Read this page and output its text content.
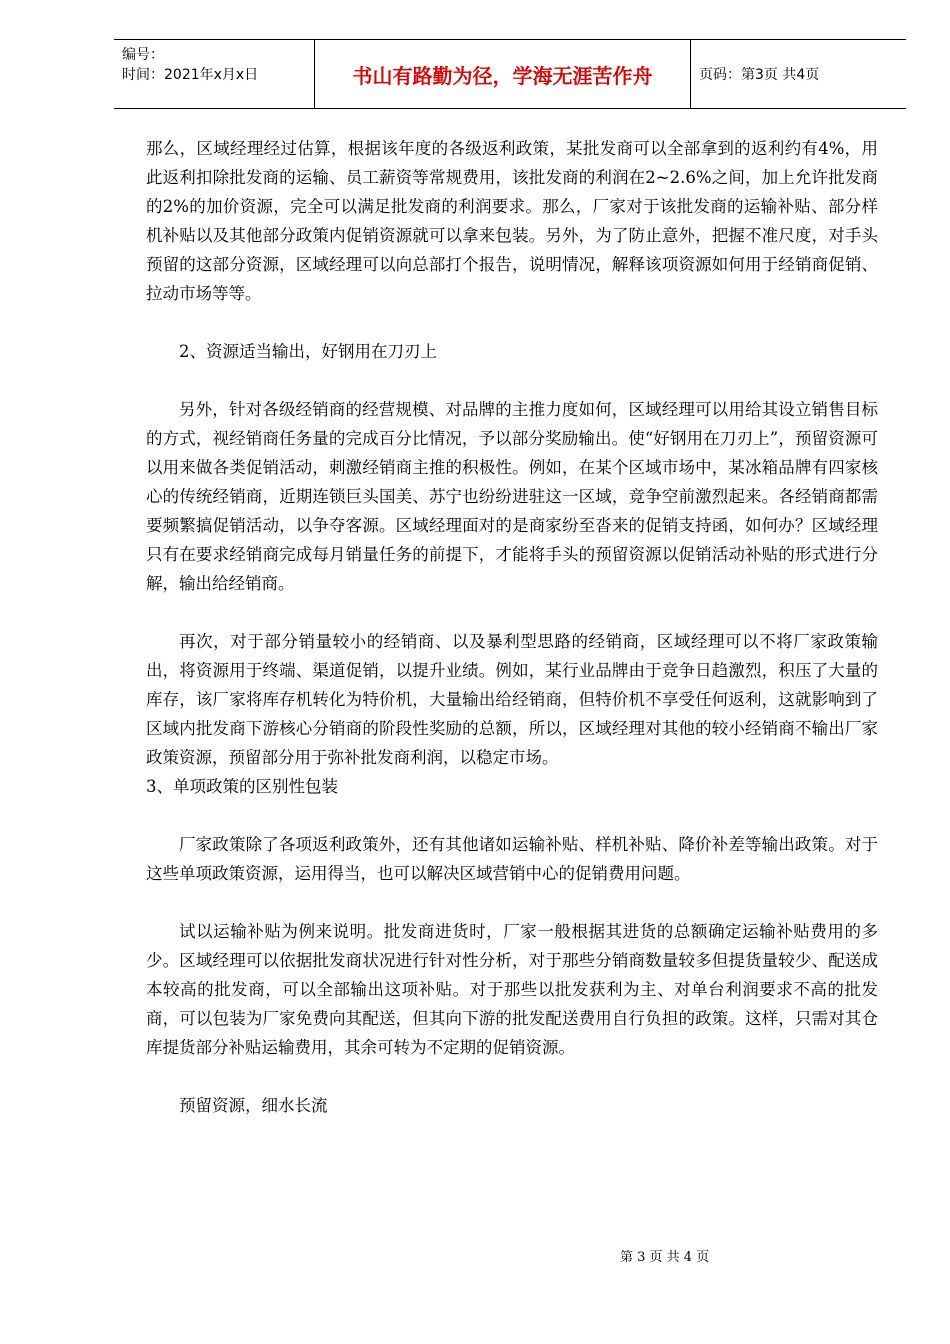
编号：
时间：2021年x月x日	书山有路勤为径，学海无涯苦作舟	页码：第3页 共4页

那么，区域经理经过估算，根据该年度的各级返利政策，某批发商可以全部拿到的返利约有4%，用此返利扣除批发商的运输、员工薪资等常规费用，该批发商的利润在2~2.6%之间，加上允许批发商的2%的加价资源，完全可以满足批发商的利润要求。那么，厂家对于该批发商的运输补贴、部分样机补贴以及其他部分政策内促销资源就可以拿来包装。另外，为了防止意外，把握不准尺度，对手头预留的这部分资源，区域经理可以向总部打个报告，说明情况，解释该项资源如何用于经销商促销、拉动市场等等。

2、资源适当输出，好钢用在刀刃上

另外，针对各级经销商的经营规模、对品牌的主推力度如何，区域经理可以用给其设立销售目标的方式，视经销商任务量的完成百分比情况，予以部分奖励输出。使“好钢用在刀刃上”，预留资源可以用来做各类促销活动，刺激经销商主推的积极性。例如，在某个区域市场中，某冰箱品牌有四家核心的传统经销商，近期连锁巨头国美、苏宁也纷纷进驻这一区域，竞争空前激烈起来。各经销商都需要频繁搞促销活动，以争夺客源。区域经理面对的是商家纷至沓来的促销支持函，如何办？区域经理只有在要求经销商完成每月销量任务的前提下，才能将手头的预留资源以促销活动补贴的形式进行分解，输出给经销商。

再次，对于部分销量较小的经销商、以及暴利型思路的经销商，区域经理可以不将厂家政策输出，将资源用于终端、渠道促销，以提升业绩。例如，某行业品牌由于竞争日趋激烈，积压了大量的库存，该厂家将库存机转化为特价机，大量输出给经销商，但特价机不享受任何返利，这就影响到了区域内批发商下游核心分销商的阶段性奖励的总额，所以，区域经理对其他的较小经销商不输出厂家政策资源，预留部分用于弥补批发商利润，以稳定市场。

3、单项政策的区别性包装

厂家政策除了各项返利政策外，还有其他诸如运输补贴、样机补贴、降价补差等输出政策。对于这些单项政策资源，运用得当，也可以解决区域营销中心的促销费用问题。

试以运输补贴为例来说明。批发商进货时，厂家一般根据其进货的总额确定运输补贴费用的多少。区域经理可以依据批发商状况进行针对性分析，对于那些分销商数量较多但提货量较少、配送成本较高的批发商，可以全部输出这项补贴。对于那些以批发获利为主、对单台利润要求不高的批发商，可以包装为厂家免费向其配送，但其向下游的批发配送费用自行负担的政策。这样，只需对其仓库提货部分补贴运输费用，其余可转为不定期的促销资源。

预留资源，细水长流

第 3 页 共 4 页
